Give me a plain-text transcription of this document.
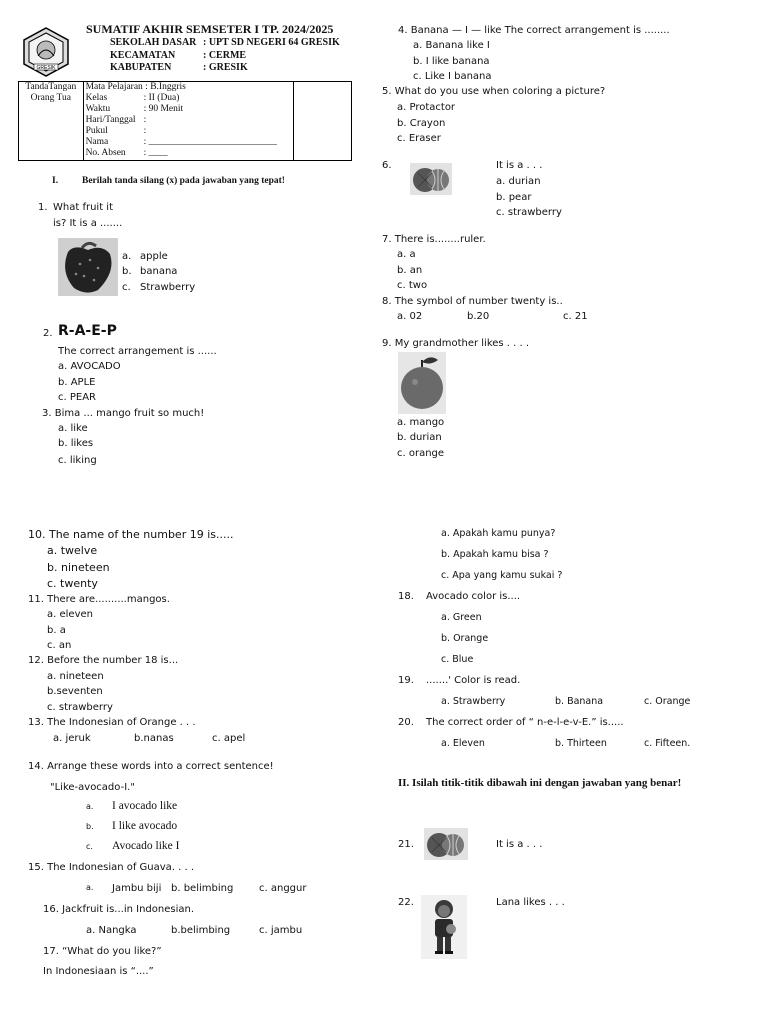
GRESIK
SUMATIF AKHIR SEMSETER I TP. 2024/2025
SEKOLAH DASAR : UPT SD NEGERI 64 GRESIK
KECAMATAN	: CERME
KABUPATEN	: GRESIK
TandaTangan
Orang Tua

Mata Pelajaran : B.Inggris
Kelas	: II (Dua)
Waktu	: 90 Menit
Hari/Tanggal :
Pukul	:
Nama	: ___________________________
No. Absen	: ____

I.	Berilah tanda silang (x) pada jawaban yang tepat!
1. What fruit it
is? It is a .......
a. apple
b. banana
c. Strawberry
2. R-A-E-P
The correct arrangement is ......
a. AVOCADO
b. APLE
c. PEAR
3. Bima ... mango fruit so much!
a. like
b. likes
c. liking
4. Banana — I — like The correct arrangement is ........
a. Banana like I
b. I like banana
c. Like I banana
5. What do you use when coloring a picture?
a. Protactor
b. Crayon
c. Eraser
6.	It is a . . .
a. durian
b. pear
c. strawberry
7. There is........ruler.
a. a
b. an
c. two
8. The symbol of number twenty is..
a. 02	b.20	c. 21
9. My grandmother likes . . . .
a. mango
b. durian
c. orange
10. The name of the number 19 is.....
a. twelve
b. nineteen
c. twenty
11. There are..........mangos.
a. eleven
b. a
c. an
12. Before the number 18 is...
a. nineteen
b.seventen
c. strawberry
13. The Indonesian of Orange . . .
a. jeruk	b.nanas	c. apel
14. Arrange these words into a correct sentence!
"Like-avocado-I."
a. I avocado like
b. I like avocado
c. Avocado like I
15. The Indonesian of Guava. . . .
a. Jambu biji b. belimbing	c. anggur
16. Jackfruit is...in Indonesian.
a. Nangka	b.belimbing	c. jambu
17. “What do you like?”
In Indonesiaan is “....”
a. Apakah kamu punya?
b. Apakah kamu bisa ?
c. Apa yang kamu sukai ?
18. Avocado color is....
a. Green
b. Orange
c. Blue
19. .......' Color is read.
a. Strawberry	b. Banana	c. Orange
20. The correct order of “ n-e-l-e-v-E.” is.....
a. Eleven	b. Thirteen	c. Fifteen.
II. Isilah titik-titik dibawah ini dengan jawaban yang benar!
21.	It is a . . .
22.	Lana likes . . .
